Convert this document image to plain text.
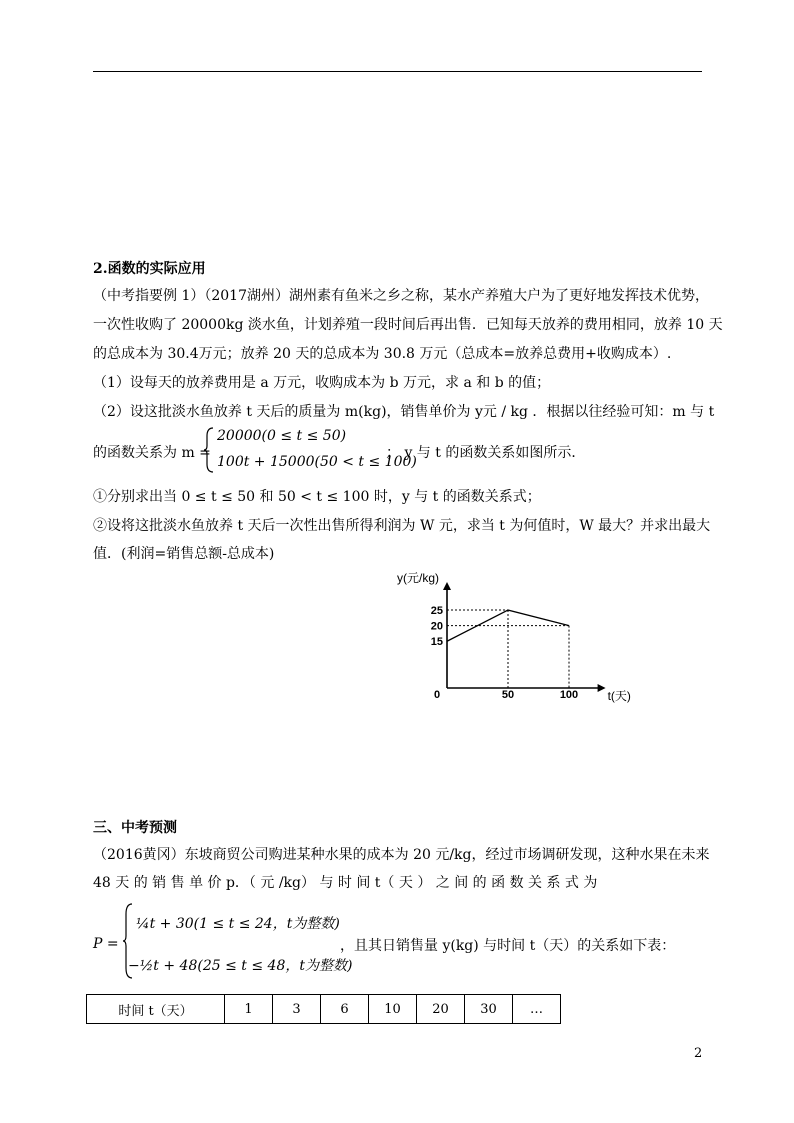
2.函数的实际应用
（中考指要例 1）（2017湖州）湖州素有鱼米之乡之称，某水产养殖大户为了更好地发挥技术优势，
一次性收购了 20000kg 淡水鱼，计划养殖一段时间后再出售．已知每天放养的费用相同，放养 10 天
的总成本为 30.4万元；放养 20 天的总成本为 30.8 万元（总成本=放养总费用+收购成本）.
（1）设每天的放养费用是 a 万元，收购成本为 b 万元，求 a 和 b 的值；
（2）设这批淡水鱼放养 t 天后的质量为 m(kg)，销售单价为 y元 / kg ．根据以往经验可知：m 与 t
的函数关系为 m =
20000(0 ≤ t ≤ 50)
100t + 15000(50 < t ≤ 100)
； y 与 t 的函数关系如图所示．
①分别求出当 0 ≤ t ≤ 50 和 50 < t ≤ 100 时，y 与 t 的函数关系式；
②设将这批淡水鱼放养 t 天后一次性出售所得利润为 W 元，求当 t 为何值时，W 最大？并求出最大
值．(利润=销售总额-总成本)
15
20
25
0	50	100 t(天)
y(元/kg)
三、中考预测
（2016黄冈）东坡商贸公司购进某种水果的成本为 20 元/kg，经过市场调研发现，这种水果在未来
48 天 的 销 售 单 价 p．（ 元 /kg） 与 时 间 t（ 天 ） 之 间 的 函 数 关 系 式 为
P =
¼t + 30(1 ≤ t ≤ 24，t为整数)
−½t + 48(25 ≤ t ≤ 48，t为整数)
，且其日销售量 y(kg) 与时间 t（天）的关系如下表：
时间 t（天）	1	3	6	10	20	30	…
2
